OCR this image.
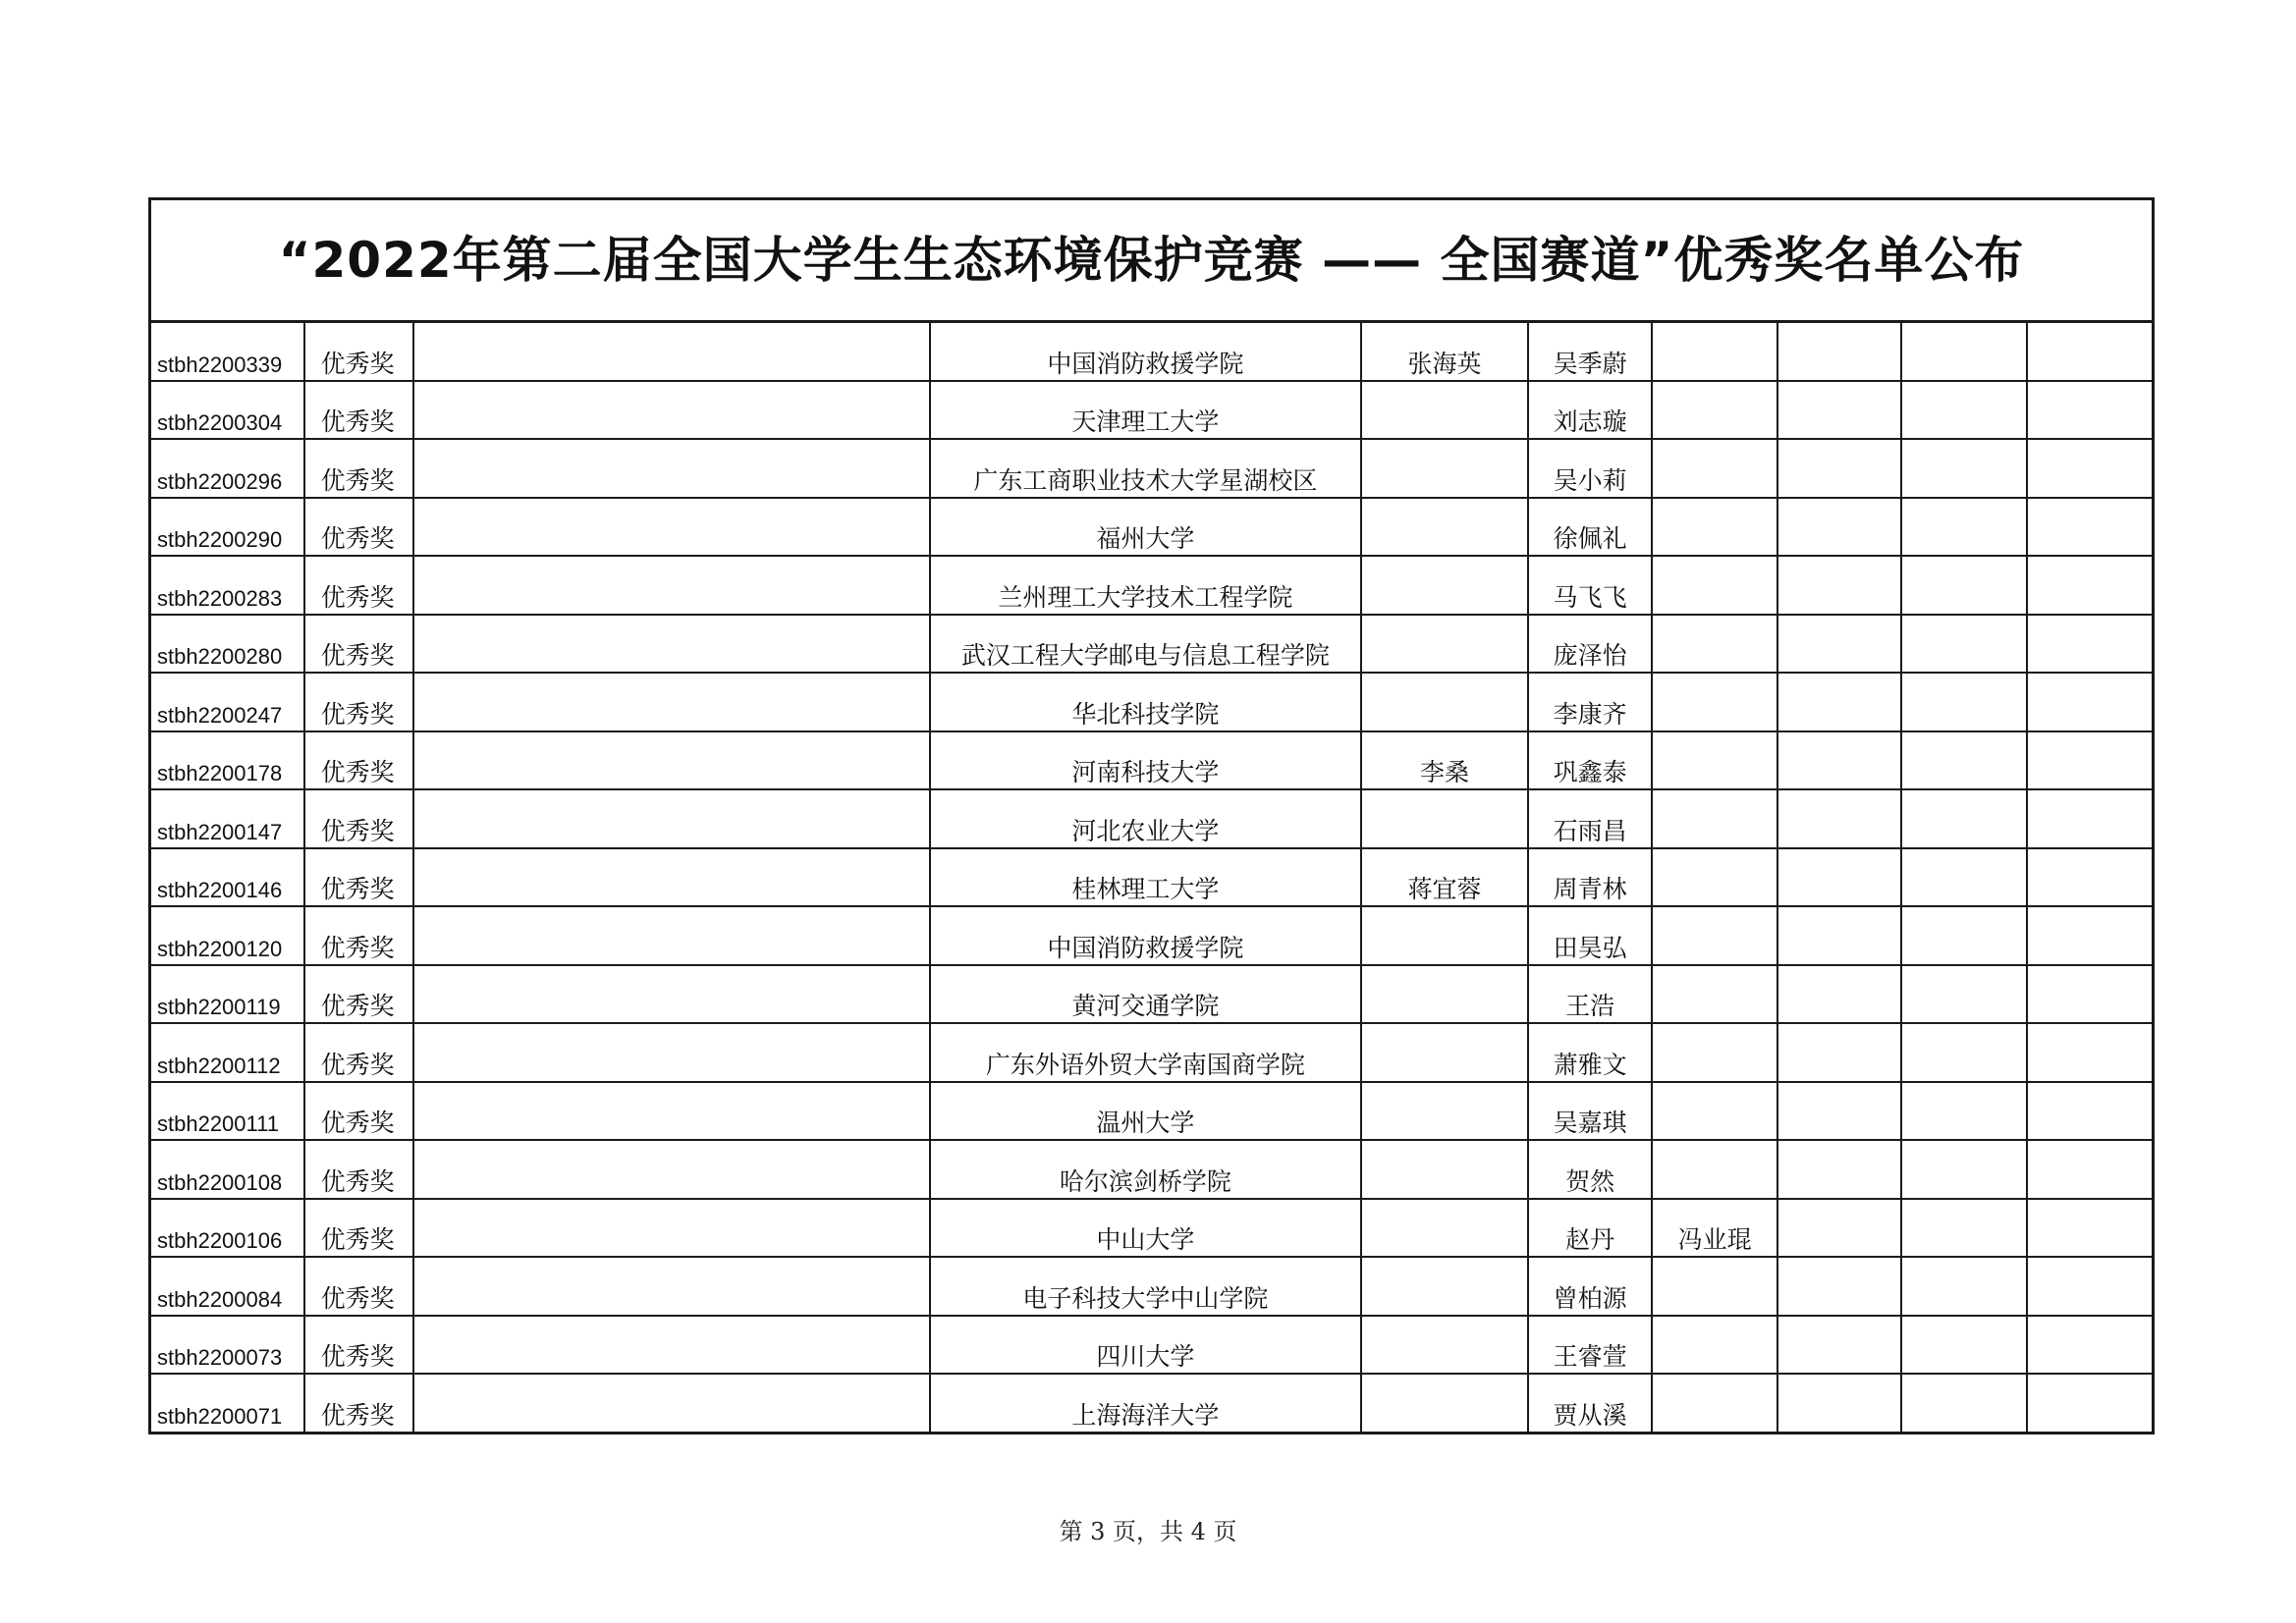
“2022年第二届全国大学生生态环境保护竞赛 —— 全国赛道”优秀奖名单公布									

stbh2200339	优秀奖		中国消防救援学院	张海英	吴季蔚				

stbh2200304	优秀奖		天津理工大学		刘志璇				

stbh2200296	优秀奖		广东工商职业技术大学星湖校区		吴小莉				

stbh2200290	优秀奖		福州大学		徐佩礼				

stbh2200283	优秀奖		兰州理工大学技术工程学院		马飞飞				

stbh2200280	优秀奖		武汉工程大学邮电与信息工程学院		庞泽怡				

stbh2200247	优秀奖		华北科技学院		李康齐				

stbh2200178	优秀奖		河南科技大学	李桑	巩鑫泰				

stbh2200147	优秀奖		河北农业大学		石雨昌				

stbh2200146	优秀奖		桂林理工大学	蒋宜蓉	周青林				

stbh2200120	优秀奖		中国消防救援学院		田昊弘				

stbh2200119	优秀奖		黄河交通学院		王浩				

stbh2200112	优秀奖		广东外语外贸大学南国商学院		萧雅文				

stbh2200111	优秀奖		温州大学		吴嘉琪				

stbh2200108	优秀奖		哈尔滨剑桥学院		贺然				

stbh2200106	优秀奖		中山大学		赵丹	冯业琨			

stbh2200084	优秀奖		电子科技大学中山学院		曾柏源				

stbh2200073	优秀奖		四川大学		王睿萱				

stbh2200071	优秀奖		上海海洋大学		贾从溪				

第 3 页，共 4 页
